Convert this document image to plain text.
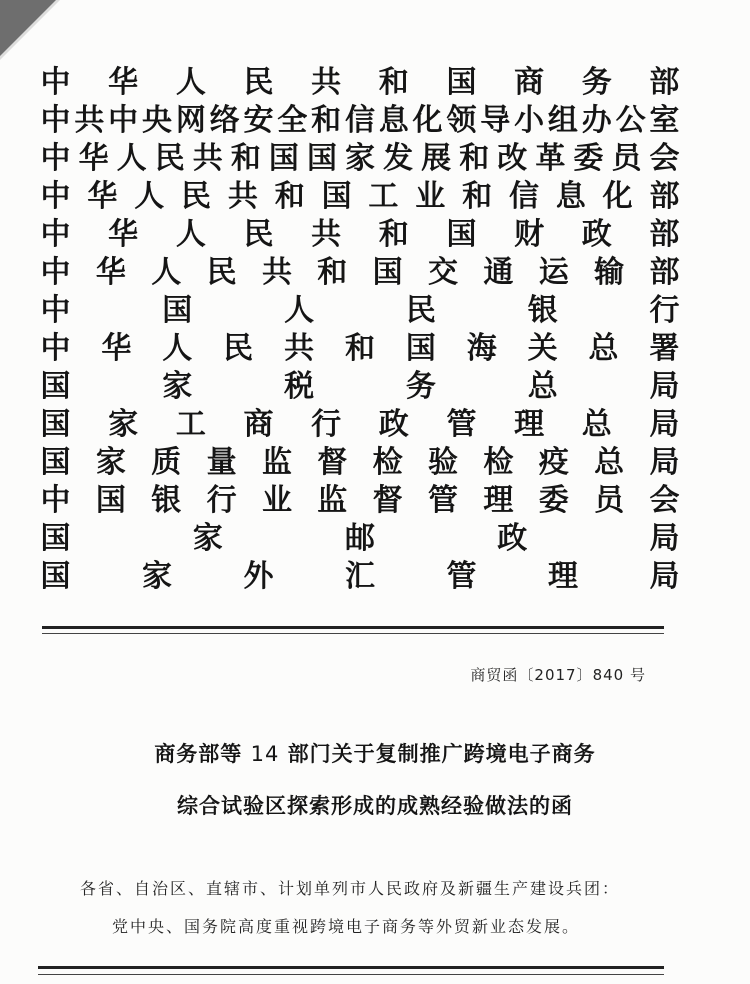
中 华 人 民 共 和 国 商 务 部
中 共 中 央 网 络 安 全 和 信 息 化 领 导 小 组 办 公 室
中 华 人 民 共 和 国 国 家 发 展 和 改 革 委 员 会
中 华 人 民 共 和 国 工 业 和 信 息 化 部
中 华 人 民 共 和 国 财 政 部
中 华 人 民 共 和 国 交 通 运 输 部
中	国	人	民	银	行
中 华 人 民 共 和 国 海 关 总 署
国	家	税	务	总	局
国 家 工 商 行 政 管 理 总 局
国 家 质 量 监 督 检 验 检 疫 总 局
中 国 银 行 业 监 督 管 理 委 员 会
国	家	邮	政	局
国 家 外 汇 管 理 局
商贸函〔2017〕840 号
商务部等 14 部门关于复制推广跨境电子商务
综合试验区探索形成的成熟经验做法的函
各省、自治区、直辖市、计划单列市人民政府及新疆生产建设兵团：
党中央、国务院高度重视跨境电子商务等外贸新业态发展。
